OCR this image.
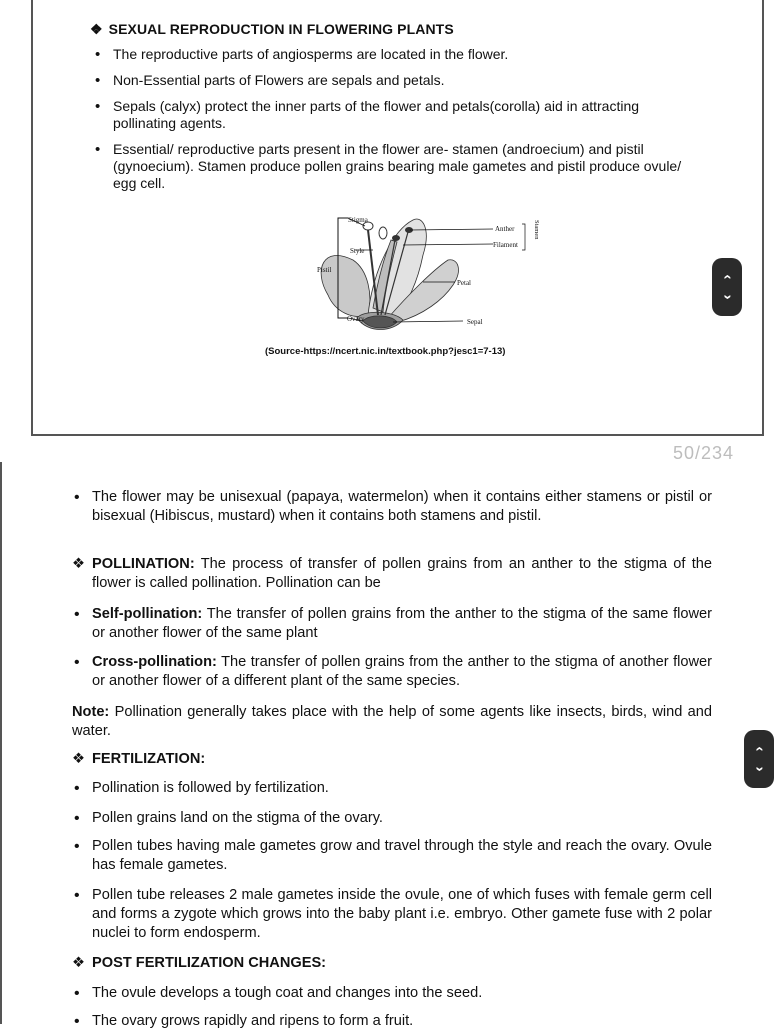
❖ SEXUAL REPRODUCTION IN FLOWERING PLANTS
• The reproductive parts of angiosperms are located in the flower.
• Non-Essential parts of Flowers are sepals and petals.
• Sepals (calyx) protect the inner parts of the flower and petals(corolla) aid in attracting pollinating agents.
• Essential/ reproductive parts present in the flower are- stamen (androecium) and pistil (gynoecium). Stamen produce pollen grains bearing male gametes and pistil produce ovule/ egg cell.
Stigma
Style
Pistil
Ovary
Anther
Filament
Petal
Sepal
Stamen
(Source-https://ncert.nic.in/textbook.php?jesc1=7-13)
50/234
• The flower may be unisexual (papaya, watermelon) when it contains either stamens or pistil or bisexual (Hibiscus, mustard) when it contains both stamens and pistil.
❖ POLLINATION: The process of transfer of pollen grains from an anther to the stigma of the flower is called pollination. Pollination can be
• Self-pollination: The transfer of pollen grains from the anther to the stigma of the same flower or another flower of the same plant
• Cross-pollination: The transfer of pollen grains from the anther to the stigma of another flower or another flower of a different plant of the same species.
Note: Pollination generally takes place with the help of some agents like insects, birds, wind and water.
❖ FERTILIZATION:
• Pollination is followed by fertilization.
• Pollen grains land on the stigma of the ovary.
• Pollen tubes having male gametes grow and travel through the style and reach the ovary. Ovule has female gametes.
• Pollen tube releases 2 male gametes inside the ovule, one of which fuses with female germ cell and forms a zygote which grows into the baby plant i.e. embryo. Other gamete fuse with 2 polar nuclei to form endosperm.
❖ POST FERTILIZATION CHANGES:
• The ovule develops a tough coat and changes into the seed.
• The ovary grows rapidly and ripens to form a fruit.
‹
›
‹
›
